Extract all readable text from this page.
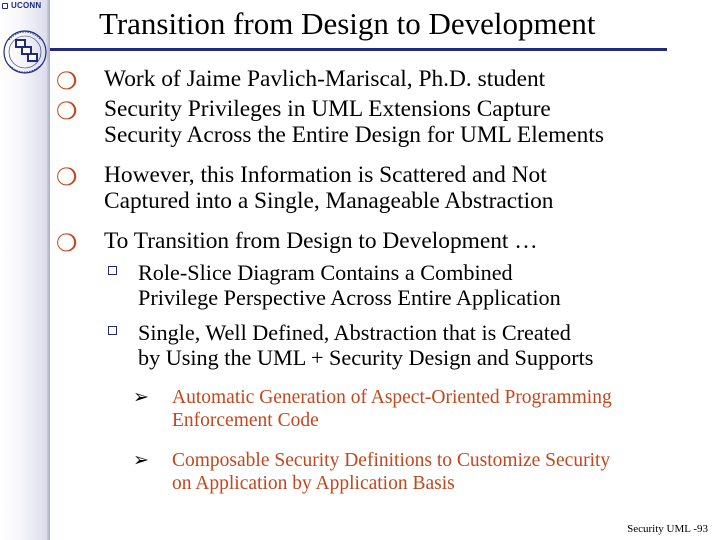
UCONN
Transition from Design to Development
❍ Work of Jaime Pavlich-Mariscal, Ph.D. student
❍ Security Privileges in UML Extensions Capture
Security Across the Entire Design for UML Elements
❍ However, this Information is Scattered and Not
Captured into a Single, Manageable Abstraction
❍ To Transition from Design to Development …
Role-Slice Diagram Contains a Combined
Privilege Perspective Across Entire Application
Single, Well Defined, Abstraction that is Created
by Using the UML + Security Design and Supports
➢ Automatic Generation of Aspect-Oriented Programming
Enforcement Code
➢ Composable Security Definitions to Customize Security
on Application by Application Basis
Security UML -93
